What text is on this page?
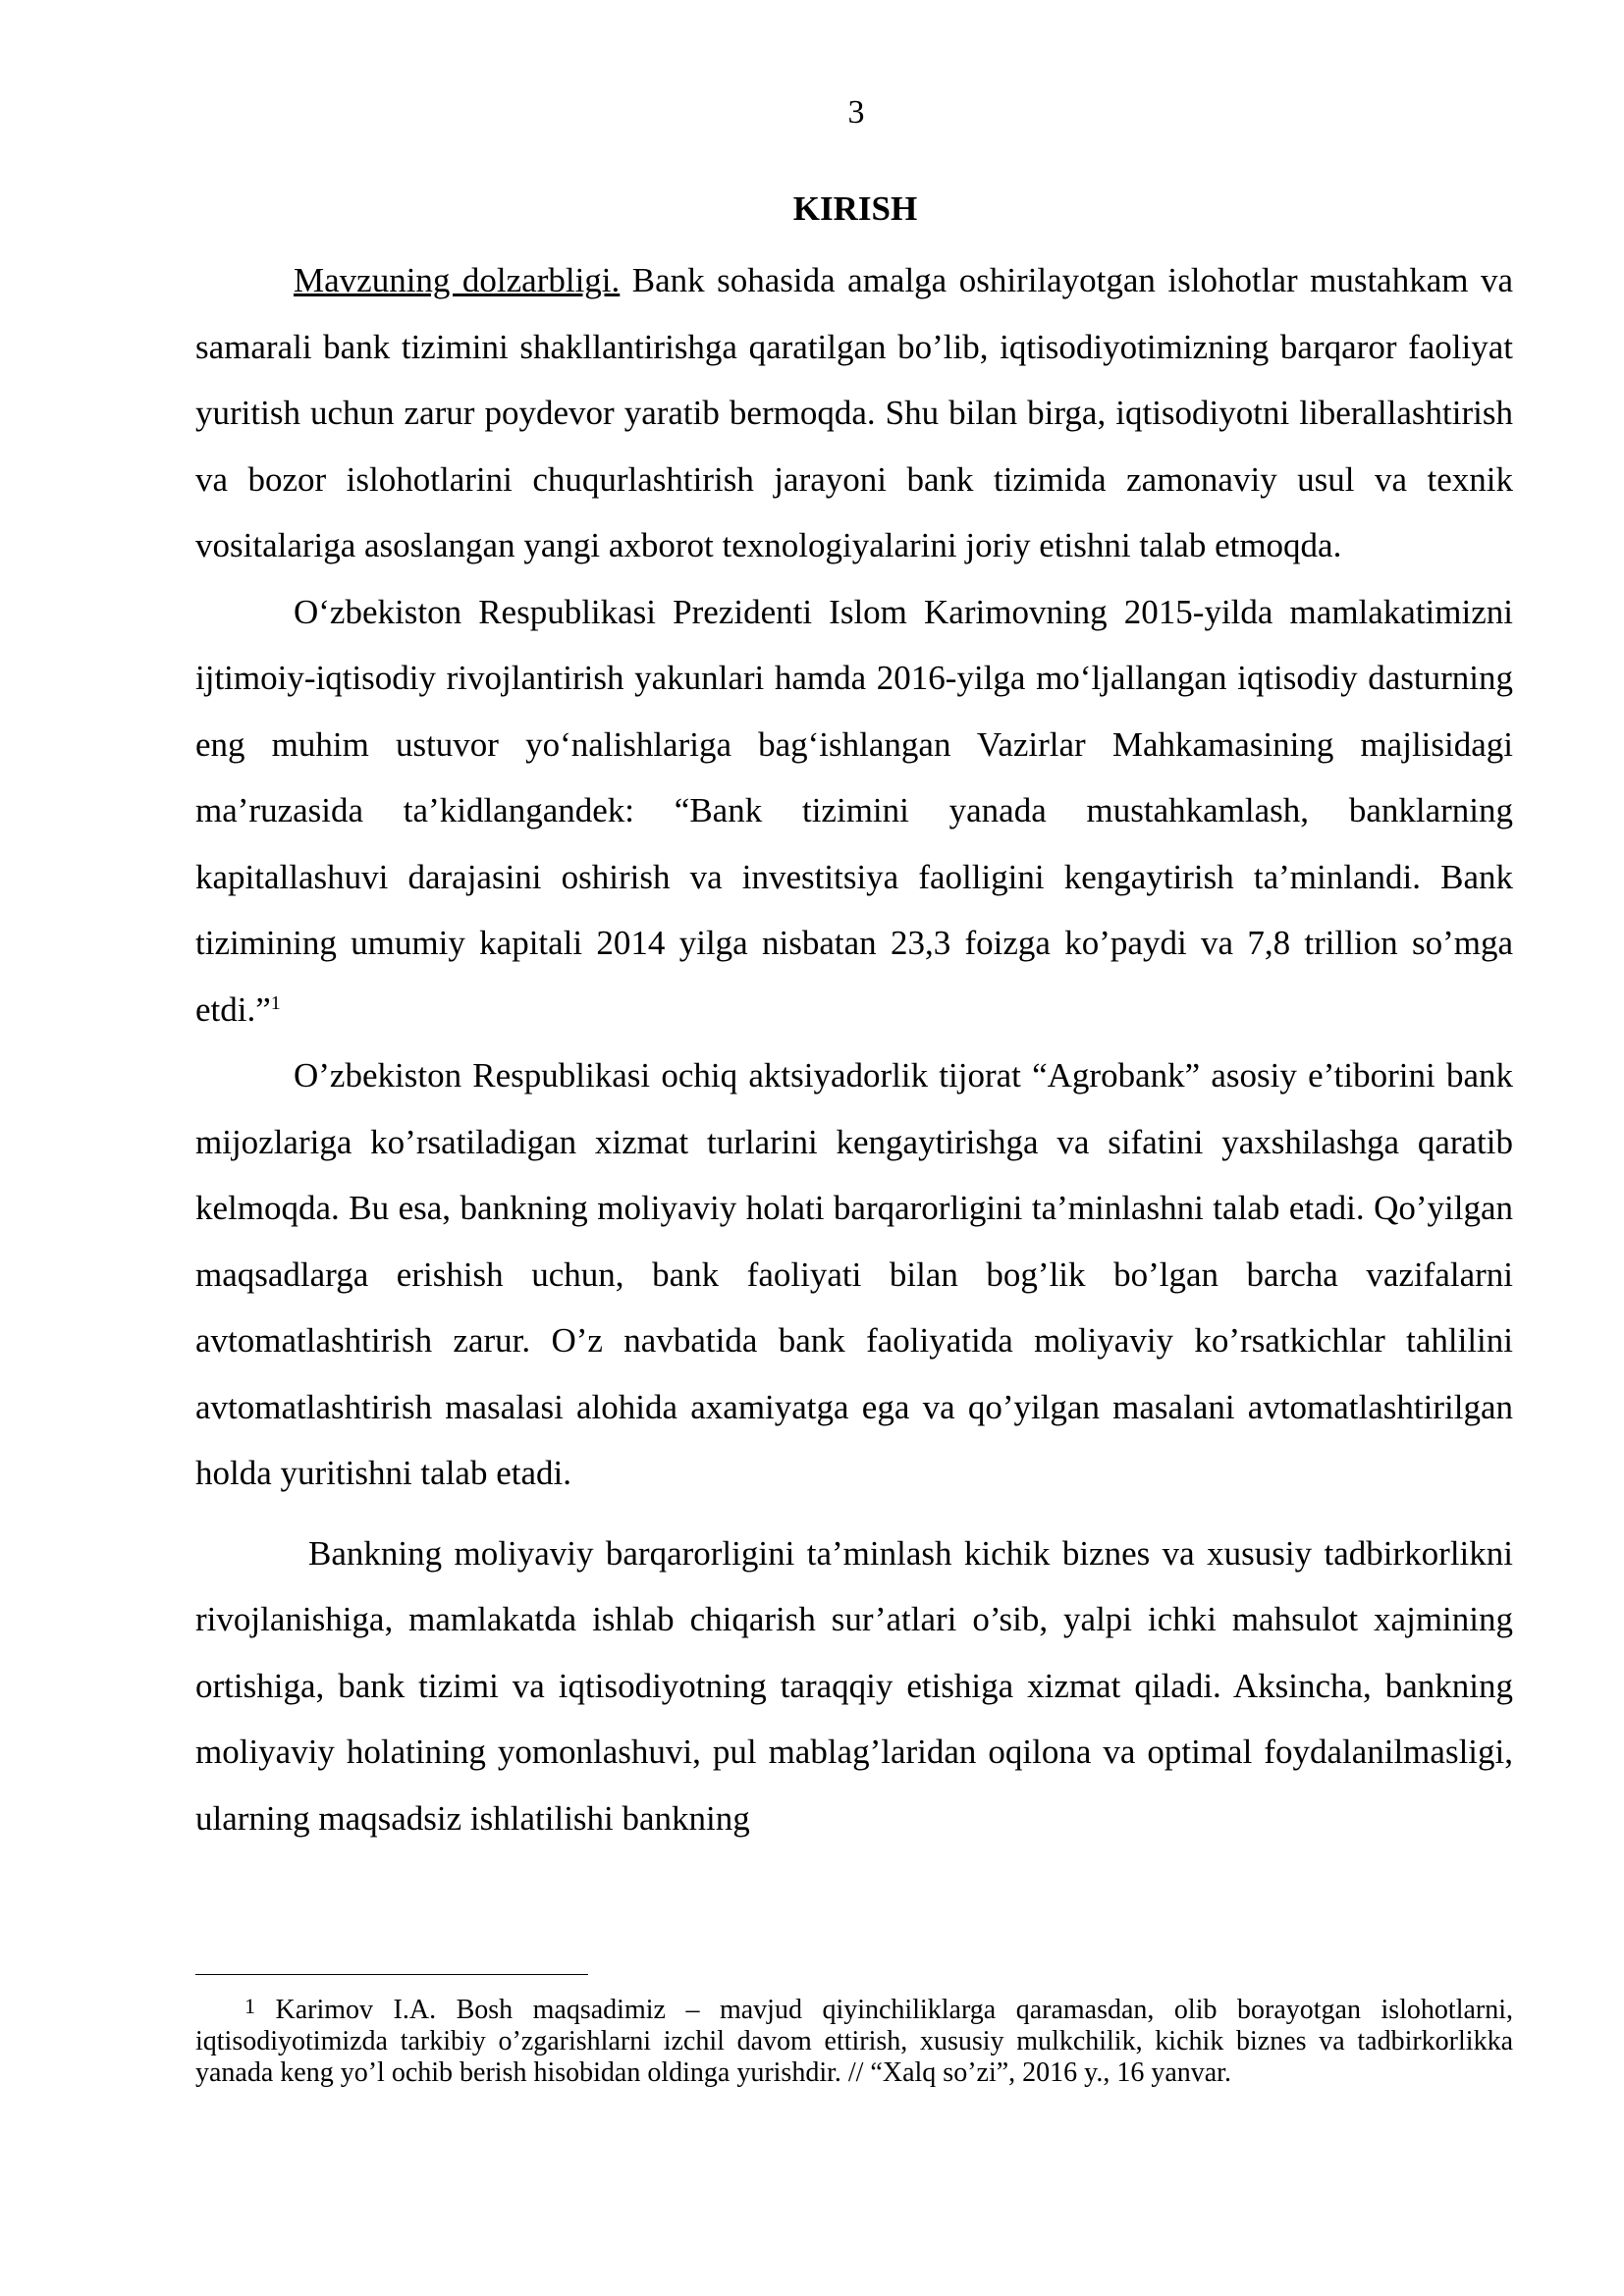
3
KIRISH

Mavzuning dolzarbligi. Bank sohasida amalga oshirilayotgan islohotlar mustahkam va samarali bank tizimini shakllantirishga qaratilgan bo’lib, iqtisodiyotimizning barqaror faoliyat yuritish uchun zarur poydevor yaratib bermoqda. Shu bilan birga, iqtisodiyotni liberallashtirish va bozor islohotlarini chuqurlashtirish jarayoni bank tizimida zamonaviy usul va texnik vositalariga asoslangan yangi axborot texnologiyalarini joriy etishni talab etmoqda.

O‘zbekiston Respublikasi Prezidenti Islom Karimovning 2015-yilda mamlakatimizni ijtimoiy-iqtisodiy rivojlantirish yakunlari hamda 2016-yilga mo‘ljallangan iqtisodiy dasturning eng muhim ustuvor yo‘nalishlariga bag‘ishlangan Vazirlar Mahkamasining majlisidagi ma’ruzasida ta’kidlangandek: “Bank tizimini yanada mustahkamlash, banklarning kapitallashuvi darajasini oshirish va investitsiya faolligini kengaytirish ta’minlandi. Bank tizimining umumiy kapitali 2014 yilga nisbatan 23,3 foizga ko’paydi va 7,8 trillion so’mga etdi.”$^1$

O’zbekiston Respublikasi ochiq aktsiyadorlik tijorat “Agrobank” asosiy e’tiborini bank mijozlariga ko’rsatiladigan xizmat turlarini kengaytirishga va sifatini yaxshilashga qaratib kelmoqda. Bu esa, bankning moliyaviy holati barqarorligini ta’minlashni talab etadi. Qo’yilgan maqsadlarga erishish uchun, bank faoliyati bilan bog’lik bo’lgan barcha vazifalarni avtomatlashtirish zarur. O’z navbatida bank faoliyatida moliyaviy ko’rsatkichlar tahlilini avtomatlashtirish masalasi alohida axamiyatga ega va qo’yilgan masalani avtomatlashtirilgan holda yuritishni talab etadi.

Bankning moliyaviy barqarorligini ta’minlash kichik biznes va xususiy tadbirkorlikni rivojlanishiga, mamlakatda ishlab chiqarish sur’atlari o’sib, yalpi ichki mahsulot xajmining ortishiga, bank tizimi va iqtisodiyotning taraqqiy etishiga xizmat qiladi. Aksincha, bankning moliyaviy holatining yomonlashuvi, pul mablag’laridan oqilona va optimal foydalanilmasligi, ularning maqsadsiz ishlatilishi bankning

$^1$ Karimov I.A. Bosh maqsadimiz – mavjud qiyinchiliklarga qaramasdan, olib borayotgan islohotlarni, iqtisodiyotimizda tarkibiy o’zgarishlarni izchil davom ettirish, xususiy mulkchilik, kichik biznes va tadbirkorlikka yanada keng yo’l ochib berish hisobidan oldinga yurishdir. // “Xalq so’zi”, 2016 y., 16 yanvar.
